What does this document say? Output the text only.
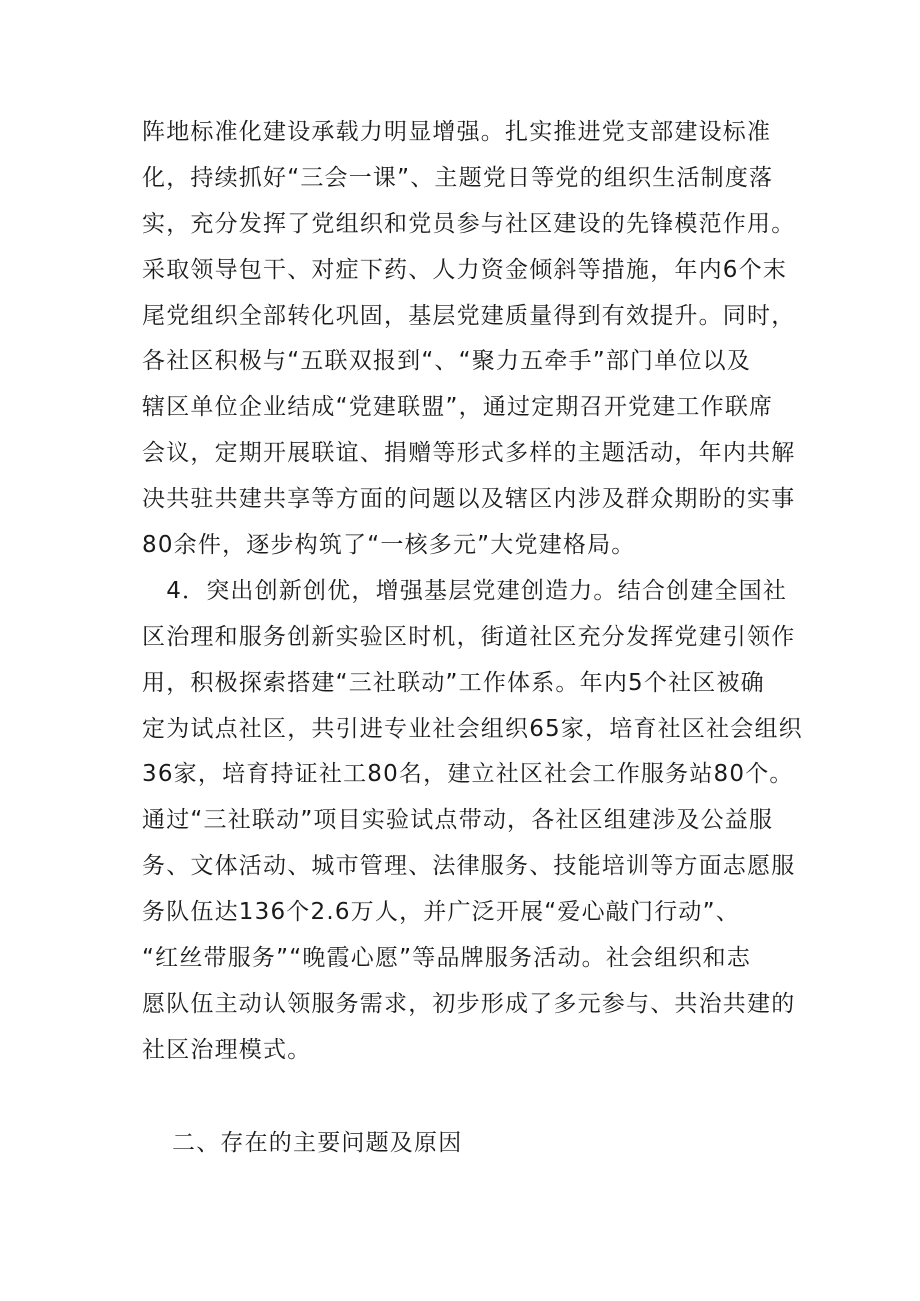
阵地标准化建设承载力明显增强。扎实推进党支部建设标准
化，持续抓好“三会一课”、主题党日等党的组织生活制度落
实，充分发挥了党组织和党员参与社区建设的先锋模范作用。
采取领导包干、对症下药、人力资金倾斜等措施，年内6个末
尾党组织全部转化巩固，基层党建质量得到有效提升。同时，
各社区积极与“五联双报到“、“聚力五牵手”部门单位以及
辖区单位企业结成“党建联盟”，通过定期召开党建工作联席
会议，定期开展联谊、捐赠等形式多样的主题活动，年内共解
决共驻共建共享等方面的问题以及辖区内涉及群众期盼的实事
80余件，逐步构筑了“一核多元”大党建格局。
　4．突出创新创优，增强基层党建创造力。结合创建全国社
区治理和服务创新实验区时机，街道社区充分发挥党建引领作
用，积极探索搭建“三社联动”工作体系。年内5个社区被确
定为试点社区，共引进专业社会组织65家，培育社区社会组织
36家，培育持证社工80名，建立社区社会工作服务站80个。
通过“三社联动”项目实验试点带动，各社区组建涉及公益服
务、文体活动、城市管理、法律服务、技能培训等方面志愿服
务队伍达136个2.6万人，并广泛开展“爱心敲门行动”、
“红丝带服务”“晚霞心愿”等品牌服务活动。社会组织和志
愿队伍主动认领服务需求，初步形成了多元参与、共治共建的
社区治理模式。
二、存在的主要问题及原因
